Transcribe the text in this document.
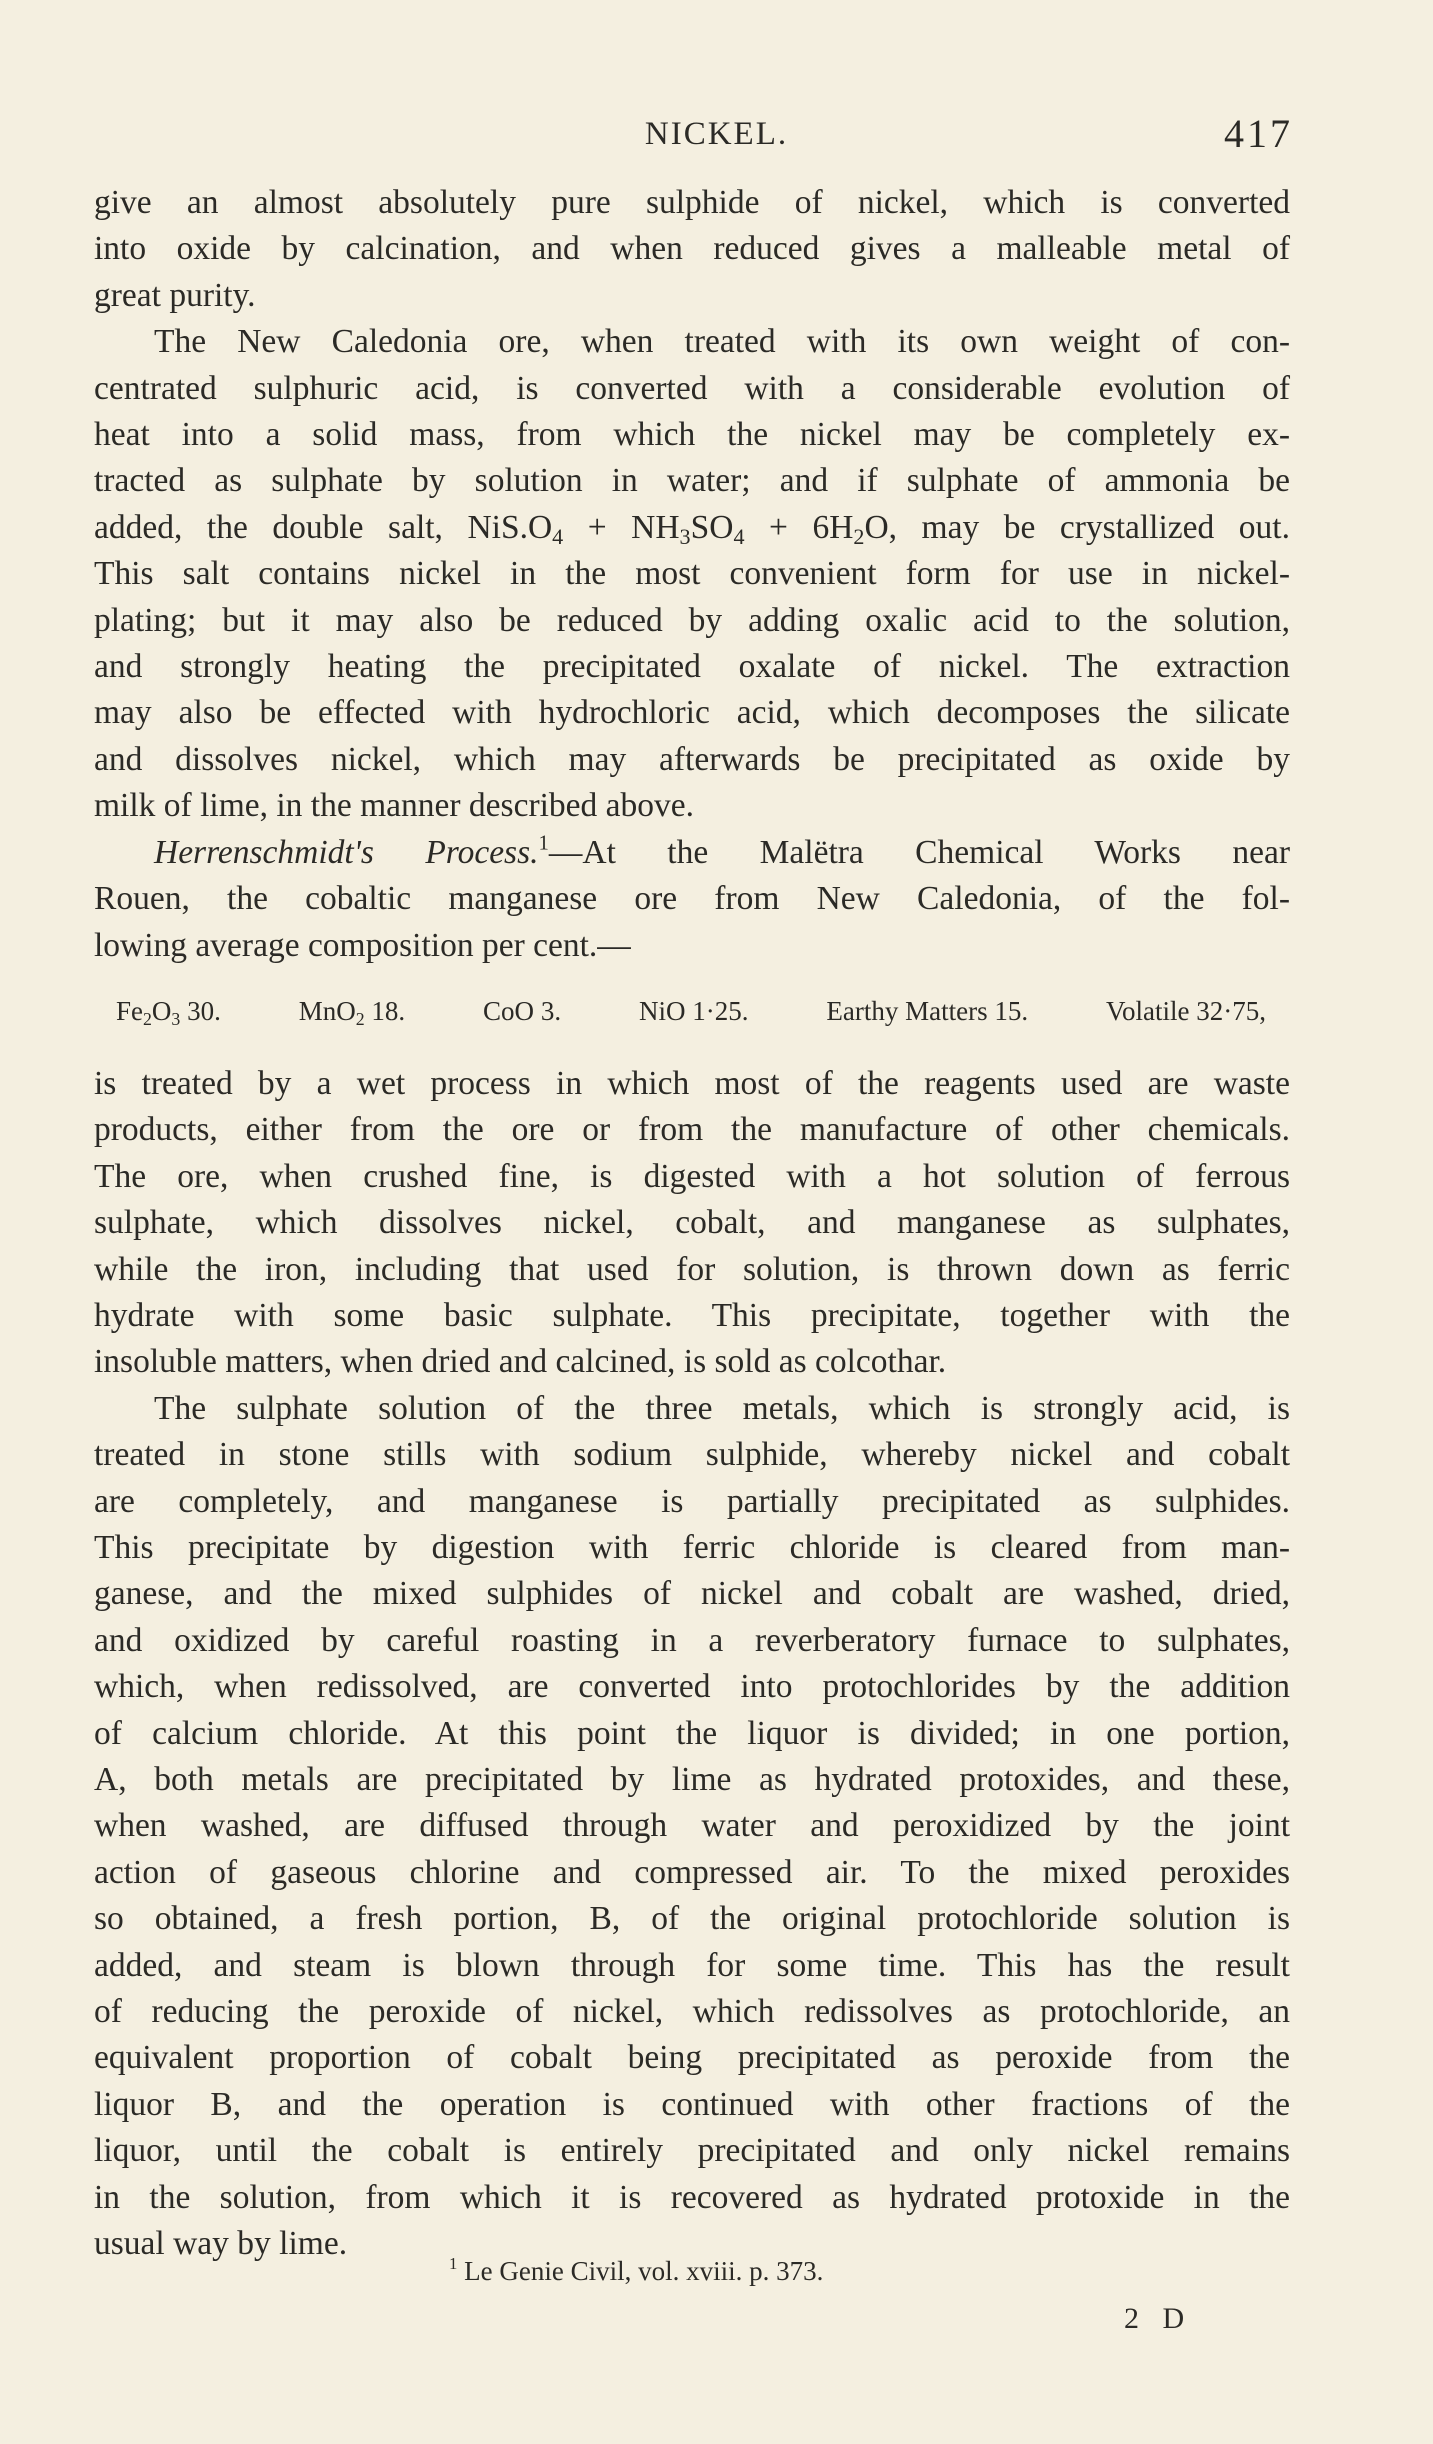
NICKEL.	417
give an almost absolutely pure sulphide of nickel, which is converted
into oxide by calcination, and when reduced gives a malleable metal of
great purity.
The New Caledonia ore, when treated with its own weight of con-
centrated sulphuric acid, is converted with a considerable evolution of
heat into a solid mass, from which the nickel may be completely ex-
tracted as sulphate by solution in water; and if sulphate of ammonia be
added, the double salt, $NiS.O_4 + NH_3SO_4 + 6H_2O$, may be crystallized out.
This salt contains nickel in the most convenient form for use in nickel-
plating; but it may also be reduced by adding oxalic acid to the solution,
and strongly heating the precipitated oxalate of nickel. The extraction
may also be effected with hydrochloric acid, which decomposes the silicate
and dissolves nickel, which may afterwards be precipitated as oxide by
milk of lime, in the manner described above.
Herrenschmidt's Process.$^1$—At the Malëtra Chemical Works near
Rouen, the cobaltic manganese ore from New Caledonia, of the fol-
lowing average composition per cent.—
$Fe_2O_3$ 30.	MnO$_2$ 18.	CoO 3.	NiO 1·25.	Earthy Matters 15.	Volatile 32·75,
is treated by a wet process in which most of the reagents used are waste
products, either from the ore or from the manufacture of other chemicals.
The ore, when crushed fine, is digested with a hot solution of ferrous
sulphate, which dissolves nickel, cobalt, and manganese as sulphates,
while the iron, including that used for solution, is thrown down as ferric
hydrate with some basic sulphate. This precipitate, together with the
insoluble matters, when dried and calcined, is sold as colcothar.
The sulphate solution of the three metals, which is strongly acid, is
treated in stone stills with sodium sulphide, whereby nickel and cobalt
are completely, and manganese is partially precipitated as sulphides.
This precipitate by digestion with ferric chloride is cleared from man-
ganese, and the mixed sulphides of nickel and cobalt are washed, dried,
and oxidized by careful roasting in a reverberatory furnace to sulphates,
which, when redissolved, are converted into protochlorides by the addition
of calcium chloride. At this point the liquor is divided; in one portion,
A, both metals are precipitated by lime as hydrated protoxides, and these,
when washed, are diffused through water and peroxidized by the joint
action of gaseous chlorine and compressed air. To the mixed peroxides
so obtained, a fresh portion, B, of the original protochloride solution is
added, and steam is blown through for some time. This has the result
of reducing the peroxide of nickel, which redissolves as protochloride, an
equivalent proportion of cobalt being precipitated as peroxide from the
liquor B, and the operation is continued with other fractions of the
liquor, until the cobalt is entirely precipitated and only nickel remains
in the solution, from which it is recovered as hydrated protoxide in the
usual way by lime.
$^1$ Le Genie Civil, vol. xviii. p. 373.
2 D
